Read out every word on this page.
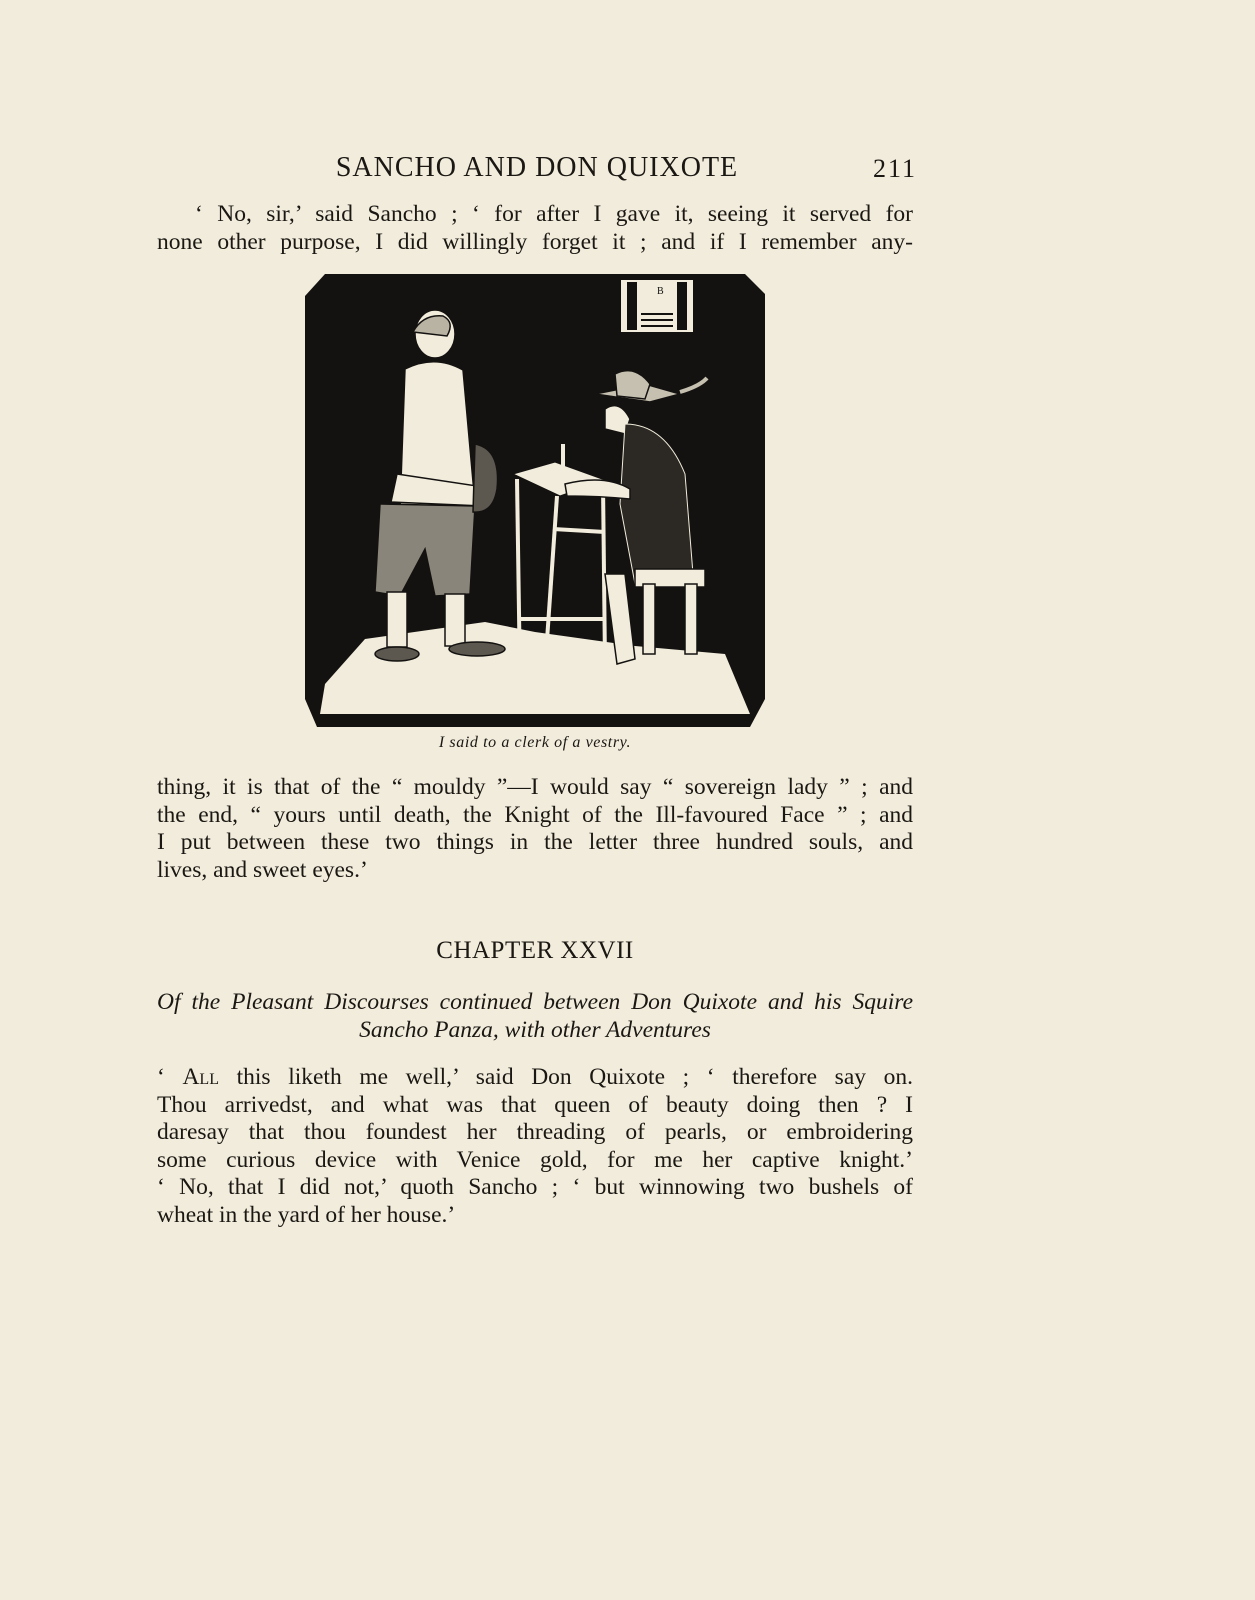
SANCHO AND DON QUIXOTE	211
‘ No, sir,’ said Sancho ; ‘ for after I gave it, seeing it served for
none other purpose, I did willingly forget it ; and if I remember any-
B
I said to a clerk of a vestry.
thing, it is that of the “ mouldy ”—I would say “ sovereign lady ” ; and
the end, “ yours until death, the Knight of the Ill-favoured Face ” ; and
I put between these two things in the letter three hundred souls, and
lives, and sweet eyes.’
CHAPTER XXVII
Of the Pleasant Discourses continued between Don Quixote and his Squire
Sancho Panza, with other Adventures
‘ All this liketh me well,’ said Don Quixote ; ‘ therefore say on.
Thou arrivedst, and what was that queen of beauty doing then ? I
daresay that thou foundest her threading of pearls, or embroidering
some curious device with Venice gold, for me her captive knight.’
‘ No, that I did not,’ quoth Sancho ; ‘ but winnowing two bushels of
wheat in the yard of her house.’
